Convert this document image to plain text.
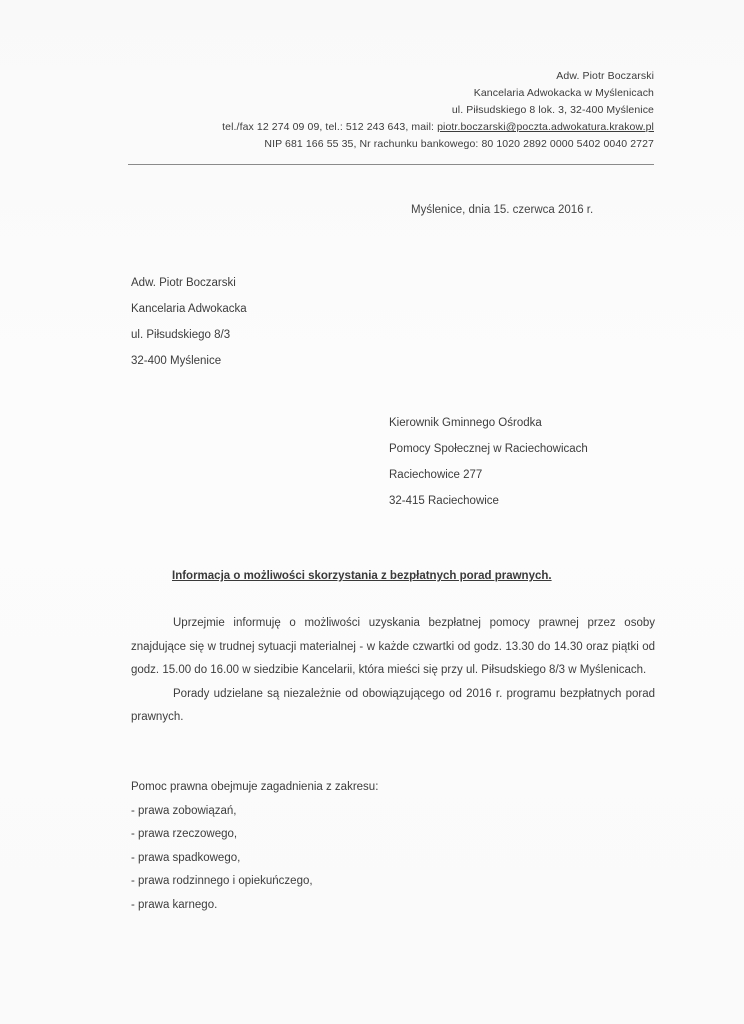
Adw. Piotr Boczarski
Kancelaria Adwokacka w Myślenicach
ul. Piłsudskiego 8 lok. 3, 32-400 Myślenice
tel./fax 12 274 09 09, tel.: 512 243 643, mail: piotr.boczarski@poczta.adwokatura.krakow.pl
NIP 681 166 55 35, Nr rachunku bankowego: 80 1020 2892 0000 5402 0040 2727
Myślenice, dnia 15. czerwca 2016 r.
Adw. Piotr Boczarski
Kancelaria Adwokacka
ul. Piłsudskiego 8/3
32-400 Myślenice
Kierownik Gminnego Ośrodka
Pomocy Społecznej w Raciechowicach
Raciechowice 277
32-415 Raciechowice
Informacja o możliwości skorzystania z bezpłatnych porad prawnych.

Uprzejmie informuję o możliwości uzyskania bezpłatnej pomocy prawnej przez osoby znajdujące się w trudnej sytuacji materialnej - w każde czwartki od godz. 13.30 do 14.30 oraz piątki od godz. 15.00 do 16.00 w siedzibie Kancelarii, która mieści się przy ul. Piłsudskiego 8/3 w Myślenicach.

Porady udzielane są niezależnie od obowiązującego od 2016 r. programu bezpłatnych porad prawnych.

Pomoc prawna obejmuje zagadnienia z zakresu:
- prawa zobowiązań,
- prawa rzeczowego,
- prawa spadkowego,
- prawa rodzinnego i opiekuńczego,
- prawa karnego.
